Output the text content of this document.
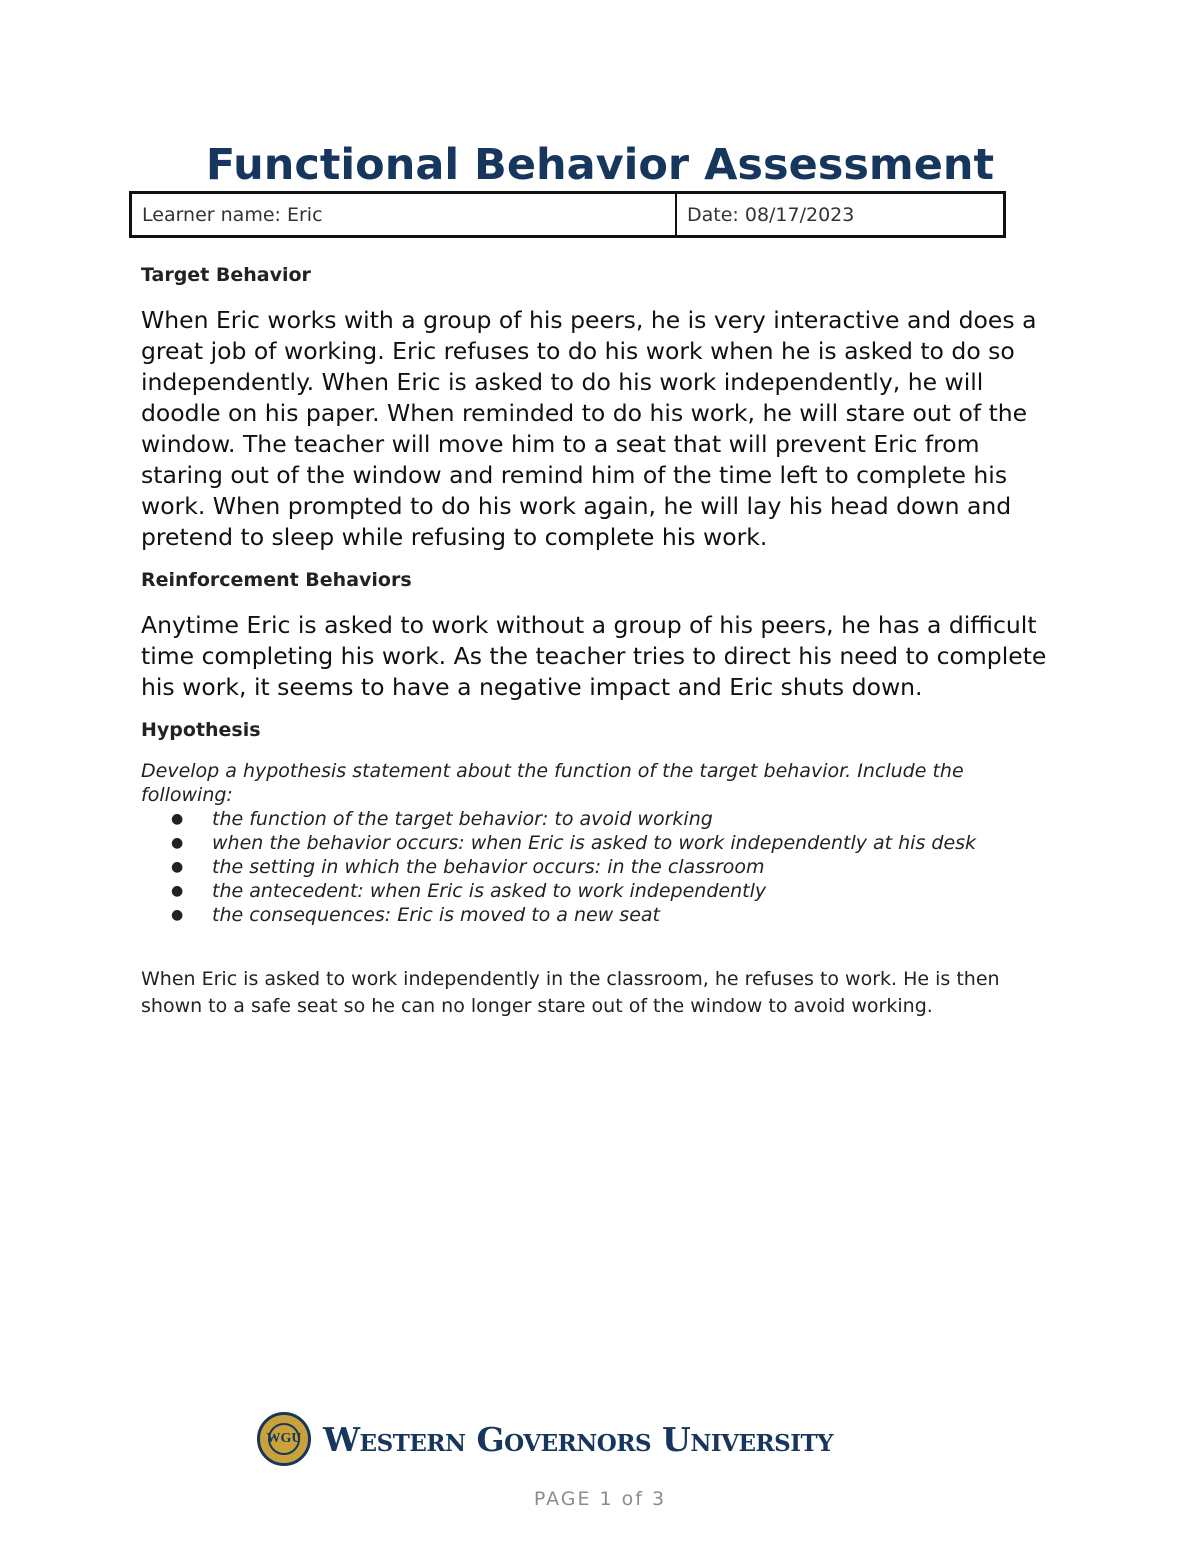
Functional Behavior Assessment
Learner name: Eric	Date: 08/17/2023
Target Behavior

When Eric works with a group of his peers, he is very interactive and does a great job of working. Eric refuses to do his work when he is asked to do so independently. When Eric is asked to do his work independently, he will doodle on his paper. When reminded to do his work, he will stare out of the window. The teacher will move him to a seat that will prevent Eric from staring out of the window and remind him of the time left to complete his work. When prompted to do his work again, he will lay his head down and pretend to sleep while refusing to complete his work.

Reinforcement Behaviors

Anytime Eric is asked to work without a group of his peers, he has a difficult time completing his work. As the teacher tries to direct his need to complete his work, it seems to have a negative impact and Eric shuts down.

Hypothesis

Develop a hypothesis statement about the function of the target behavior. Include the following:

● the function of the target behavior: to avoid working
● when the behavior occurs: when Eric is asked to work independently at his desk
● the setting in which the behavior occurs: in the classroom
● the antecedent: when Eric is asked to work independently
● the consequences: Eric is moved to a new seat

When Eric is asked to work independently in the classroom, he refuses to work. He is then shown to a safe seat so he can no longer stare out of the window to avoid working.

WGU Western Governors University

PAGE 1 of 3
